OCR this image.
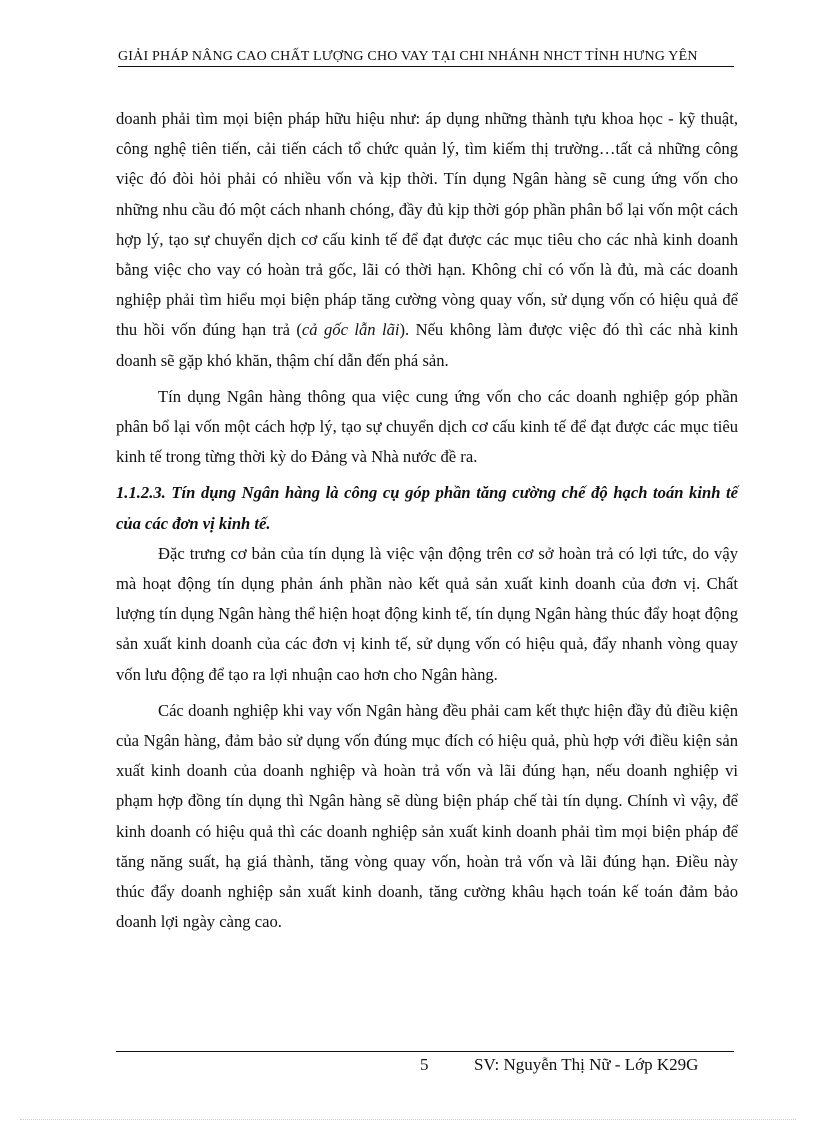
GIẢI PHÁP NÂNG CAO CHẤT LƯỢNG CHO VAY TẠI CHI NHÁNH NHCT TỈNH HƯNG YÊN

doanh phải tìm mọi biện pháp hữu hiệu như: áp dụng những thành tựu khoa học - kỹ thuật, công nghệ tiên tiến, cải tiến cách tổ chức quản lý, tìm kiếm thị trường…tất cả những công việc đó đòi hỏi phải có nhiều vốn và kịp thời. Tín dụng Ngân hàng sẽ cung ứng vốn cho những nhu cầu đó một cách nhanh chóng, đầy đủ kịp thời góp phần phân bổ lại vốn một cách hợp lý, tạo sự chuyển dịch cơ cấu kinh tế để đạt được các mục tiêu cho các nhà kinh doanh bằng việc cho vay có hoàn trả gốc, lãi có thời hạn. Không chỉ có vốn là đủ, mà các doanh nghiệp phải tìm hiểu mọi biện pháp tăng cường vòng quay vốn, sử dụng vốn có hiệu quả để thu hồi vốn đúng hạn trả (cả gốc lẫn lãi). Nếu không làm được việc đó thì các nhà kinh doanh sẽ gặp khó khăn, thậm chí dẫn đến phá sản.

Tín dụng Ngân hàng thông qua việc cung ứng vốn cho các doanh nghiệp góp phần phân bổ lại vốn một cách hợp lý, tạo sự chuyển dịch cơ cấu kinh tế để đạt được các mục tiêu kinh tế trong từng thời kỳ do Đảng và Nhà nước đề ra.

1.1.2.3. Tín dụng Ngân hàng là công cụ góp phần tăng cường chế độ hạch toán kinh tế của các đơn vị kinh tế.

Đặc trưng cơ bản của tín dụng là việc vận động trên cơ sở hoàn trả có lợi tức, do vậy mà hoạt động tín dụng phản ánh phần nào kết quả sản xuất kinh doanh của đơn vị. Chất lượng tín dụng Ngân hàng thể hiện hoạt động kinh tế, tín dụng Ngân hàng thúc đẩy hoạt động sản xuất kinh doanh của các đơn vị kinh tế, sử dụng vốn có hiệu quả, đẩy nhanh vòng quay vốn lưu động để tạo ra lợi nhuận cao hơn cho Ngân hàng.

Các doanh nghiệp khi vay vốn Ngân hàng đều phải cam kết thực hiện đầy đủ điều kiện của Ngân hàng, đảm bảo sử dụng vốn đúng mục đích có hiệu quả, phù hợp với điều kiện sản xuất kinh doanh của doanh nghiệp và hoàn trả vốn và lãi đúng hạn, nếu doanh nghiệp vi phạm hợp đồng tín dụng thì Ngân hàng sẽ dùng biện pháp chế tài tín dụng. Chính vì vậy, để kinh doanh có hiệu quả thì các doanh nghiệp sản xuất kinh doanh phải tìm mọi biện pháp để tăng năng suất, hạ giá thành, tăng vòng quay vốn, hoàn trả vốn và lãi đúng hạn. Điều này thúc đẩy doanh nghiệp sản xuất kinh doanh, tăng cường khâu hạch toán kế toán đảm bảo doanh lợi ngày càng cao.

5	SV: Nguyễn Thị Nữ - Lớp K29G
